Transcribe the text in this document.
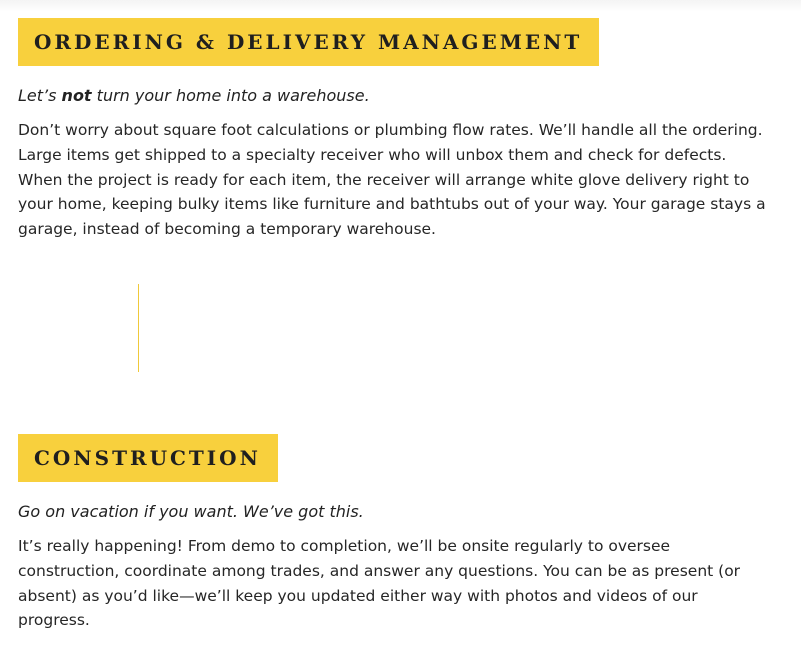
ORDERING & DELIVERY MANAGEMENT

Let’s not turn your home into a warehouse.

Don’t worry about square foot calculations or plumbing flow rates. We’ll handle all the ordering. Large items get shipped to a specialty receiver who will unbox them and check for defects. When the project is ready for each item, the receiver will arrange white glove delivery right to your home, keeping bulky items like furniture and bathtubs out of your way. Your garage stays a garage, instead of becoming a temporary warehouse.

CONSTRUCTION

Go on vacation if you want. We’ve got this.

It’s really happening! From demo to completion, we’ll be onsite regularly to oversee construction, coordinate among trades, and answer any questions. You can be as present (or absent) as you’d like—we’ll keep you updated either way with photos and videos of our progress.
